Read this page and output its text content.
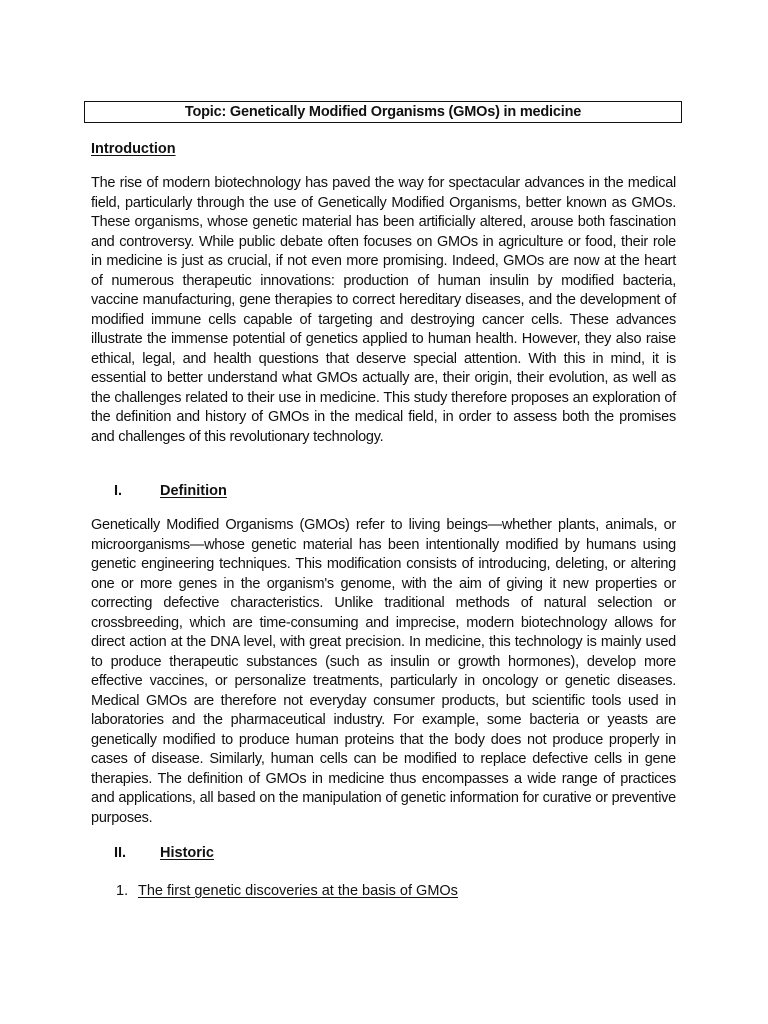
Topic: Genetically Modified Organisms (GMOs) in medicine
Introduction

The rise of modern biotechnology has paved the way for spectacular advances in the medical field, particularly through the use of Genetically Modified Organisms, better known as GMOs. These organisms, whose genetic material has been artificially altered, arouse both fascination and controversy. While public debate often focuses on GMOs in agriculture or food, their role in medicine is just as crucial, if not even more promising. Indeed, GMOs are now at the heart of numerous therapeutic innovations: production of human insulin by modified bacteria, vaccine manufacturing, gene therapies to correct hereditary diseases, and the development of modified immune cells capable of targeting and destroying cancer cells. These advances illustrate the immense potential of genetics applied to human health. However, they also raise ethical, legal, and health questions that deserve special attention. With this in mind, it is essential to better understand what GMOs actually are, their origin, their evolution, as well as the challenges related to their use in medicine. This study therefore proposes an exploration of the definition and history of GMOs in the medical field, in order to assess both the promises and challenges of this revolutionary technology.

I.	Definition

Genetically Modified Organisms (GMOs) refer to living beings—whether plants, animals, or microorganisms—whose genetic material has been intentionally modified by humans using genetic engineering techniques. This modification consists of introducing, deleting, or altering one or more genes in the organism's genome, with the aim of giving it new properties or correcting defective characteristics. Unlike traditional methods of natural selection or crossbreeding, which are time-consuming and imprecise, modern biotechnology allows for direct action at the DNA level, with great precision. In medicine, this technology is mainly used to produce therapeutic substances (such as insulin or growth hormones), develop more effective vaccines, or personalize treatments, particularly in oncology or genetic diseases. Medical GMOs are therefore not everyday consumer products, but scientific tools used in laboratories and the pharmaceutical industry. For example, some bacteria or yeasts are genetically modified to produce human proteins that the body does not produce properly in cases of disease. Similarly, human cells can be modified to replace defective cells in gene therapies. The definition of GMOs in medicine thus encompasses a wide range of practices and applications, all based on the manipulation of genetic information for curative or preventive purposes.

II. Historic
1. The first genetic discoveries at the basis of GMOs
